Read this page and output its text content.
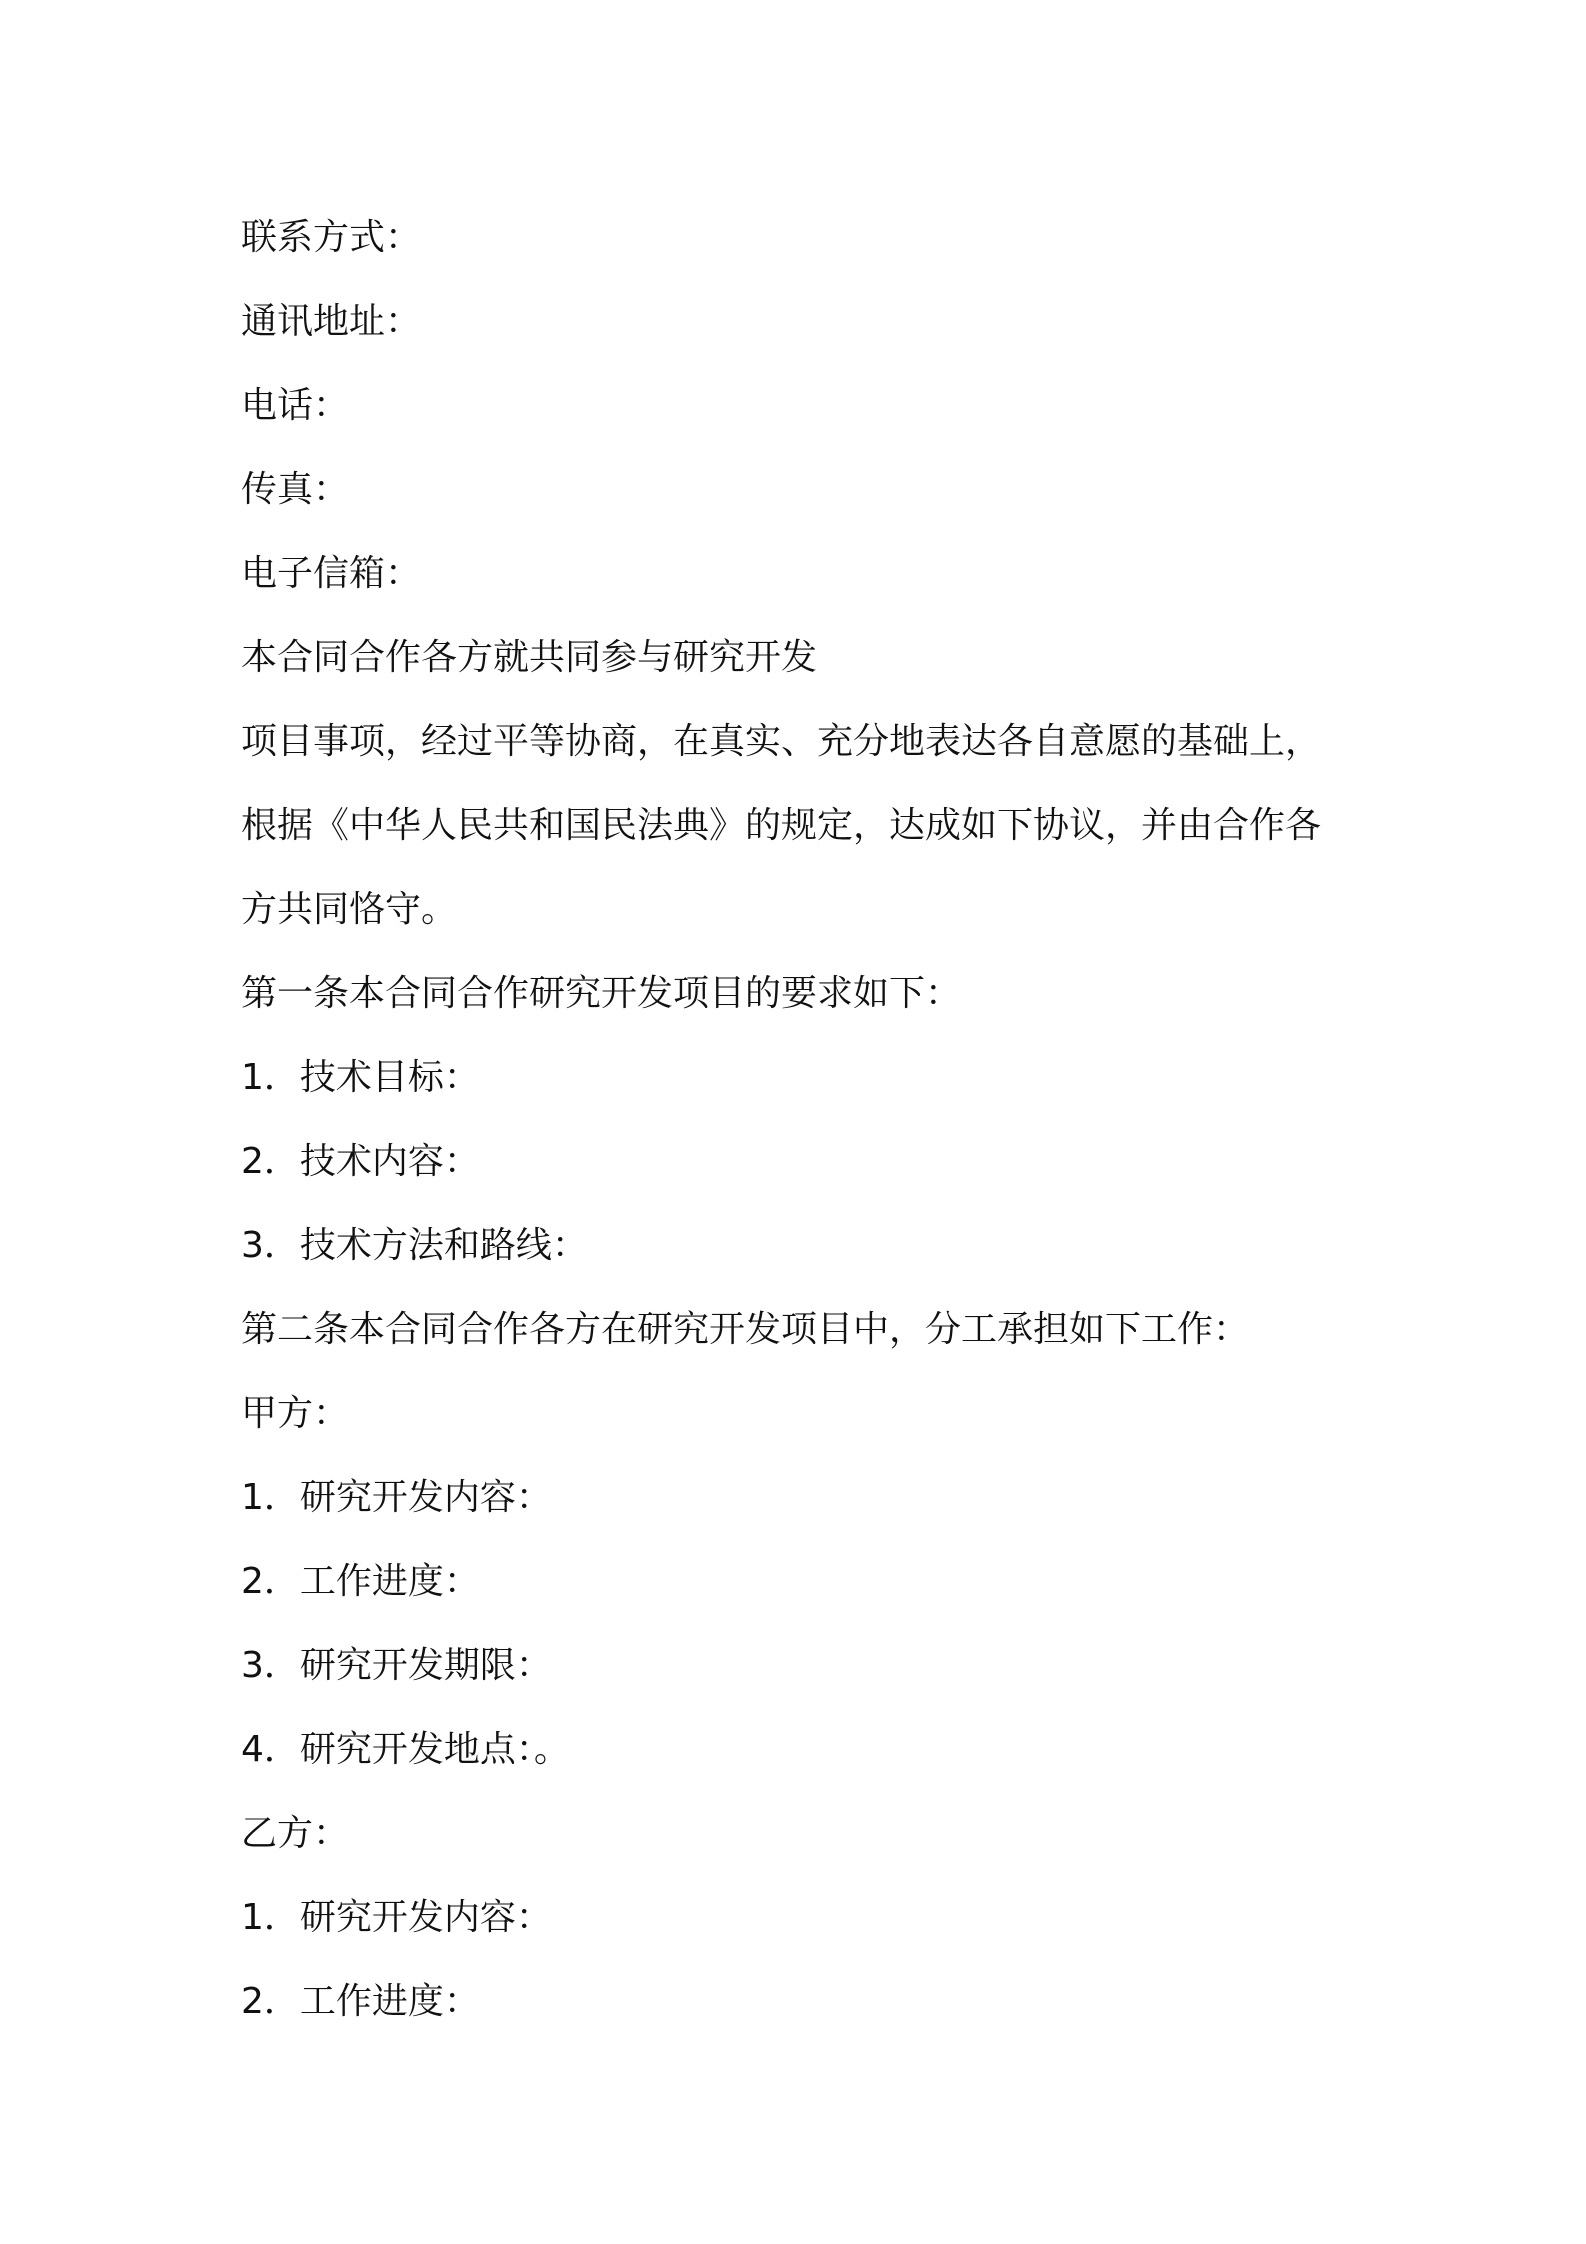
联系方式：

通讯地址：

电话：

传真：

电子信箱：

本合同合作各方就共同参与研究开发

项目事项，经过平等协商，在真实、充分地表达各自意愿的基础上，

根据《中华人民共和国民法典》的规定，达成如下协议，并由合作各

方共同恪守。

第一条本合同合作研究开发项目的要求如下：

1．技术目标：

2．技术内容：

3．技术方法和路线：

第二条本合同合作各方在研究开发项目中，分工承担如下工作：

甲方：

1．研究开发内容：

2．工作进度：

3．研究开发期限：

4．研究开发地点：。

乙方：

1．研究开发内容：

2．工作进度：
